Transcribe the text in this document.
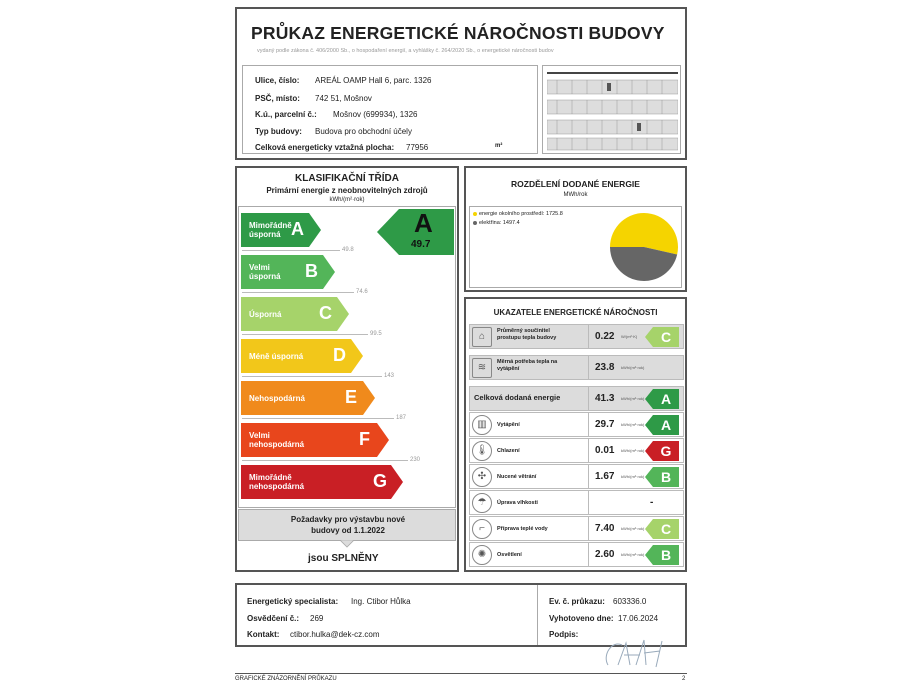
PRŮKAZ ENERGETICKÉ NÁROČNOSTI BUDOVY
vydaný podle zákona č. 406/2000 Sb., o hospodaření energií, a vyhlášky č. 264/2020 Sb., o energetické náročnosti budov
Ulice, číslo: AREÁL OAMP Hall 6, parc. 1326
PSČ, místo: 742 51, Mošnov
K.ú., parcelní č.: Mošnov (699934), 1326
Typ budovy: Budova pro obchodní účely
Celková energeticky vztažná plocha: 77956	m²
KLASIFIKAČNÍ TŘÍDA
Primární energie z neobnovitelných zdrojů
kWh/(m²·rok)
Mimořádně úsporná A
49.8
Velmi úsporná	B
74.6
Úsporná	C
99.5
Méně úsporná	D
143
Nehospodárná E
187
Velmi nehospodárná	F
230
Mimořádně nehospodárná	G
A
49.7
Požadavky pro výstavbu nové budovy od 1.1.2022
jsou SPLNĚNY
ROZDĚLENÍ DODANÉ ENERGIE
MWh/rok
energie okolního prostředí: 1725.8
elektřina: 1497.4
UKAZATELE ENERGETICKÉ NÁROČNOSTI
⌂	Průměrný součinitel prostupu tepla budovy	0.22 W/(m²·K)	C
≋	Měrná potřeba tepla na vytápění	23.8 kWh/(m²·rok)
Celková dodaná energie	41.3 kWh/(m²·rok)	A
▥	Vytápění	29.7 kWh/(m²·rok)	A
🌡	Chlazení	0.01 kWh/(m²·rok)	G
✣	Nucené větrání	1.67 kWh/(m²·rok)	B
☂	Úprava vlhkosti	-
⌐	Příprava teplé vody	7.40 kWh/(m²·rok)	C
✺	Osvětlení	2.60 kWh/(m²·rok)	B
Energetický specialista: Ing. Ctibor Hůlka
Osvědčení č.: 269
Kontakt: ctibor.hulka@dek-cz.com
Ev. č. průkazu: 603336.0
Vyhotoveno dne: 17.06.2024
Podpis:
GRAFICKÉ ZNÁZORNĚNÍ PRŮKAZU	2
